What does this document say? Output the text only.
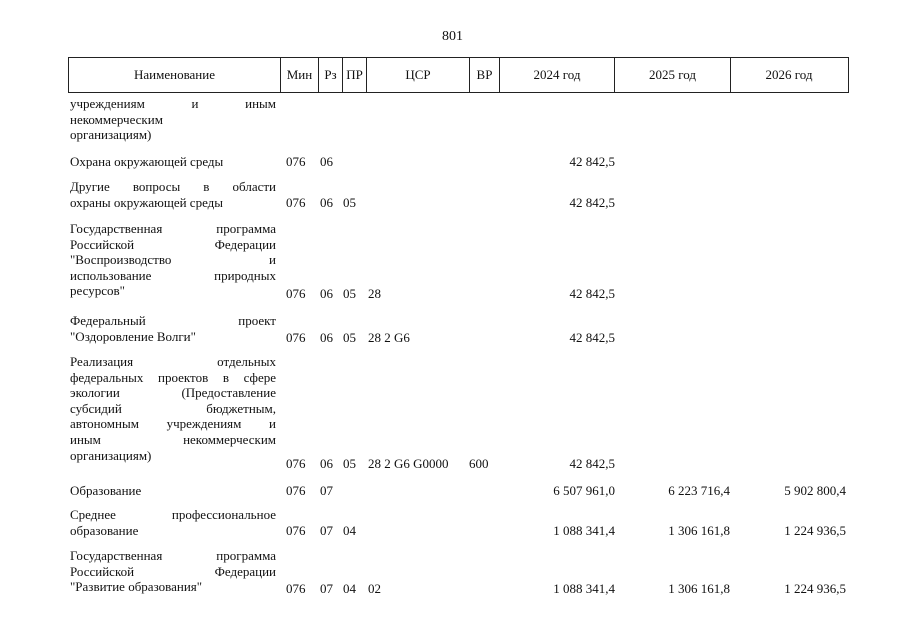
801
Наименование	Мин Рз ПР	ЦСР	ВР	2024 год	2025 год	2026 год
учреждениям и иным
некоммерческим
организациям)
Охрана окружающей среды	076 06	42 842,5
Другие вопросы в области
охраны окружающей среды	076 06 05	42 842,5
Государственная программа
Российской Федерации
"Воспроизводство и
использование природных
ресурсов"	076 06 05 28	42 842,5
Федеральный проект
"Оздоровление Волги"	076 06 05 28 2 G6	42 842,5
Реализация отдельных
федеральных проектов в сфере
экологии (Предоставление
субсидий бюджетным,
автономным учреждениям и
иным некоммерческим
организациям)
076 06 05 28 2 G6 G0000 600	42 842,5
Образование	076 07	6 507 961,0	6 223 716,4	5 902 800,4
Среднее профессиональное
образование	076 07 04	1 088 341,4	1 306 161,8	1 224 936,5
Государственная программа
Российской Федерации
"Развитие образования"	076 07 04 02	1 088 341,4	1 306 161,8	1 224 936,5
